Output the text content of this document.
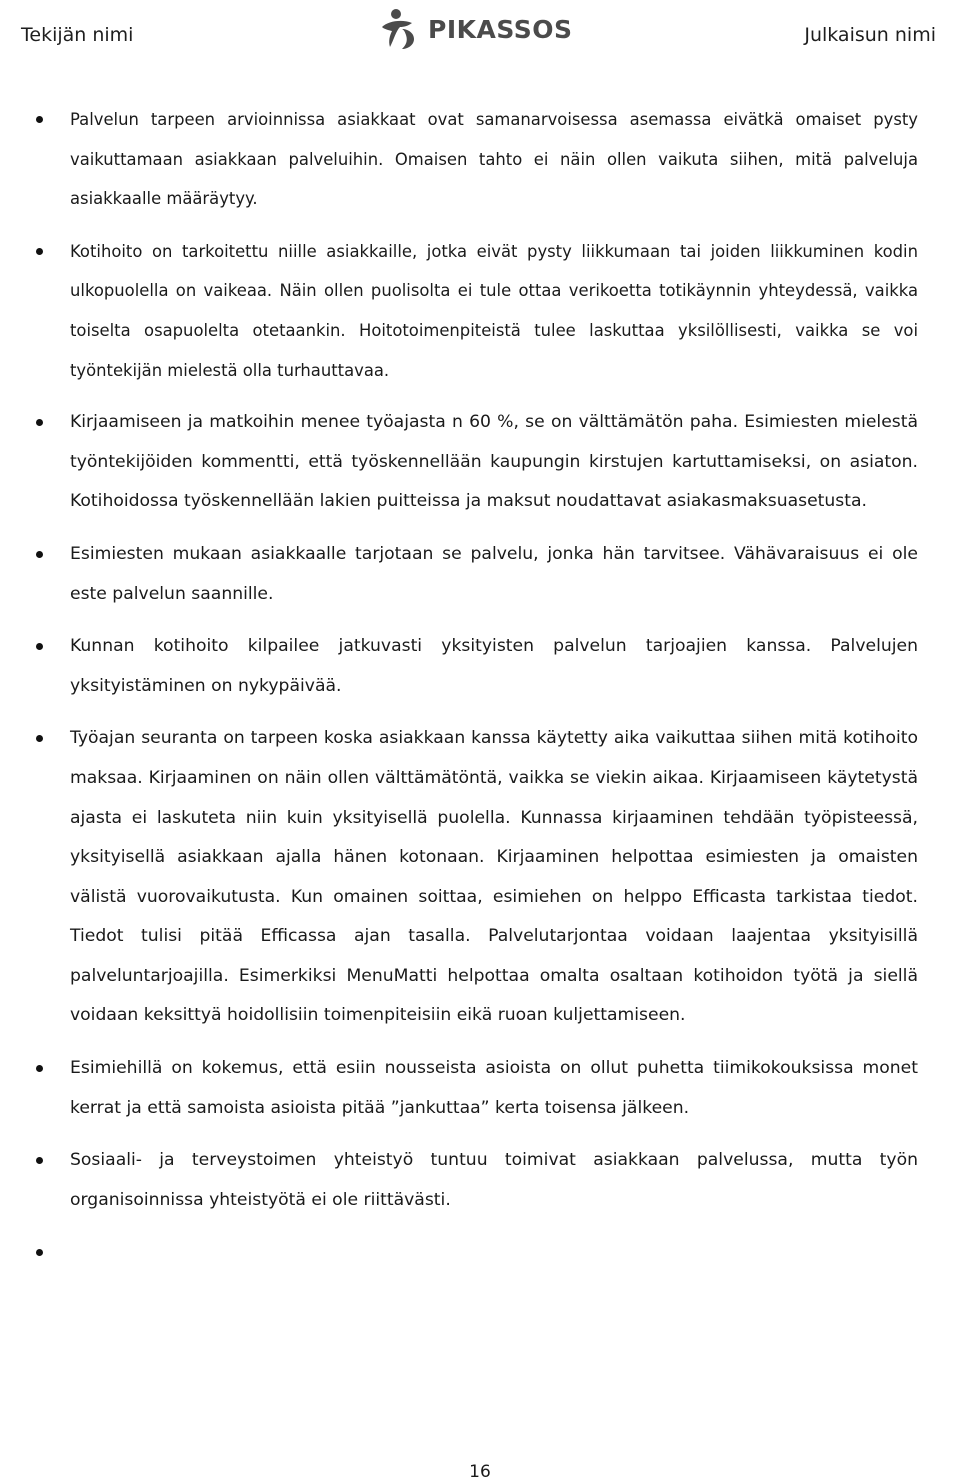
Tekijän nimi	PIKASSOS	Julkaisun nimi
Palvelun tarpeen arvioinnissa asiakkaat ovat samanarvoisessa asemassa eivätkä omaiset pysty vaikuttamaan asiakkaan palveluihin. Omaisen tahto ei näin ollen vaikuta siihen, mitä palveluja asiakkaalle määräytyy.
Kotihoito on tarkoitettu niille asiakkaille, jotka eivät pysty liikkumaan tai joiden liikkuminen kodin ulkopuolella on vaikeaa. Näin ollen puolisolta ei tule ottaa verikoetta totikäynnin yhteydessä, vaikka toiselta osapuolelta otetaankin. Hoitotoimenpiteistä tulee laskuttaa yksilöllisesti, vaikka se voi työntekijän mielestä olla turhauttavaa.
Kirjaamiseen ja matkoihin menee työajasta n 60 %, se on välttämätön paha. Esimiesten mielestä työntekijöiden kommentti, että työskennellään kaupungin kirstujen kartuttamiseksi, on asiaton. Kotihoidossa työskennellään lakien puitteissa ja maksut noudattavat asiakasmaksuasetusta.
Esimiesten mukaan asiakkaalle tarjotaan se palvelu, jonka hän tarvitsee. Vähävaraisuus ei ole este palvelun saannille.
Kunnan kotihoito kilpailee jatkuvasti yksityisten palvelun tarjoajien kanssa. Palvelujen yksityistäminen on nykypäivää.
Työajan seuranta on tarpeen koska asiakkaan kanssa käytetty aika vaikuttaa siihen mitä kotihoito maksaa. Kirjaaminen on näin ollen välttämätöntä, vaikka se viekin aikaa. Kirjaamiseen käytetystä ajasta ei laskuteta niin kuin yksityisellä puolella. Kunnassa kirjaaminen tehdään työpisteessä, yksityisellä asiakkaan ajalla hänen kotonaan. Kirjaaminen helpottaa esimiesten ja omaisten välistä vuorovaikutusta. Kun omainen soittaa, esimiehen on helppo Efficasta tarkistaa tiedot. Tiedot tulisi pitää Efficassa ajan tasalla. Palvelutarjontaa voidaan laajentaa yksityisillä palveluntarjoajilla. Esimerkiksi MenuMatti helpottaa omalta osaltaan kotihoidon työtä ja siellä voidaan keksittyä hoidollisiin toimenpiteisiin eikä ruoan kuljettamiseen.
Esimiehillä on kokemus, että esiin nousseista asioista on ollut puhetta tiimikokouksissa monet kerrat ja että samoista asioista pitää ”jankuttaa” kerta toisensa jälkeen.
Sosiaali- ja terveystoimen yhteistyö tuntuu toimivat asiakkaan palvelussa, mutta työn organisoinnissa yhteistyötä ei ole riittävästi.
16
